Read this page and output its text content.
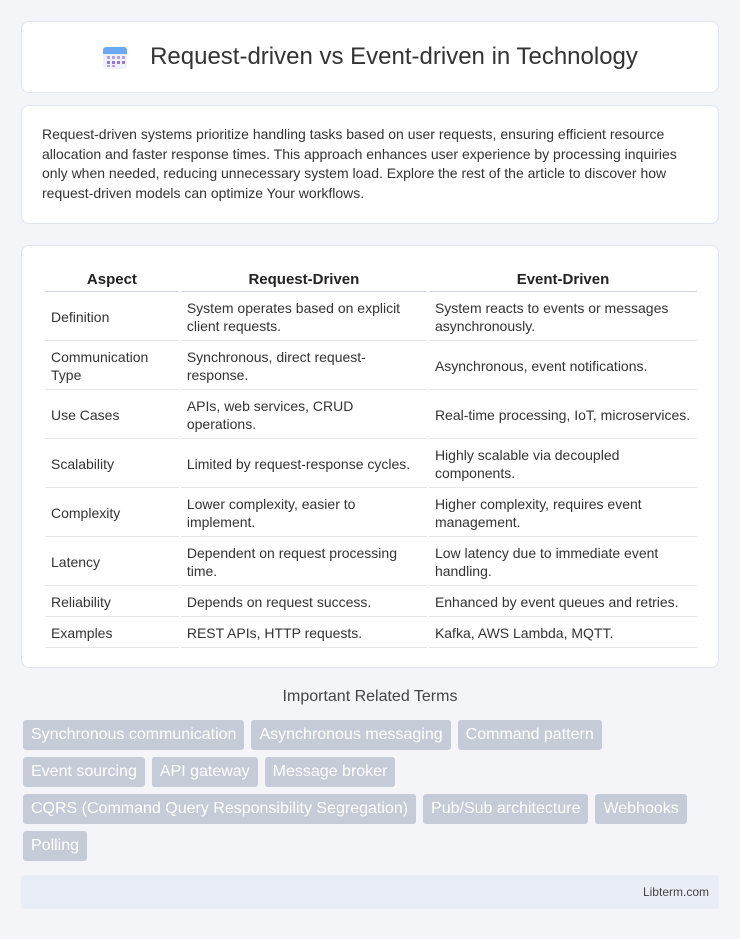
Request-driven vs Event-driven in Technology

Request-driven systems prioritize handling tasks based on user requests, ensuring efficient resource allocation and faster response times. This approach enhances user experience by processing inquiries only when needed, reducing unnecessary system load. Explore the rest of the article to discover how request-driven models can optimize Your workflows.

Aspect	Request-Driven	Event-Driven
Definition	System operates based on explicit client requests.	System reacts to events or messages asynchronously.
Communication Type	Synchronous, direct request-response.	Asynchronous, event notifications.
Use Cases	APIs, web services, CRUD operations.	Real-time processing, IoT, microservices.
Scalability	Limited by request-response cycles.	Highly scalable via decoupled components.
Complexity	Lower complexity, easier to implement.	Higher complexity, requires event management.
Latency	Dependent on request processing time.	Low latency due to immediate event handling.
Reliability	Depends on request success.	Enhanced by event queues and retries.
Examples	REST APIs, HTTP requests.	Kafka, AWS Lambda, MQTT.
Important Related Terms
Synchronous communication	Asynchronous messaging	Command pattern
Event sourcing	API gateway	Message broker
CQRS (Command Query Responsibility Segregation)	Pub/Sub architecture	Webhooks
Polling
Libterm.com
